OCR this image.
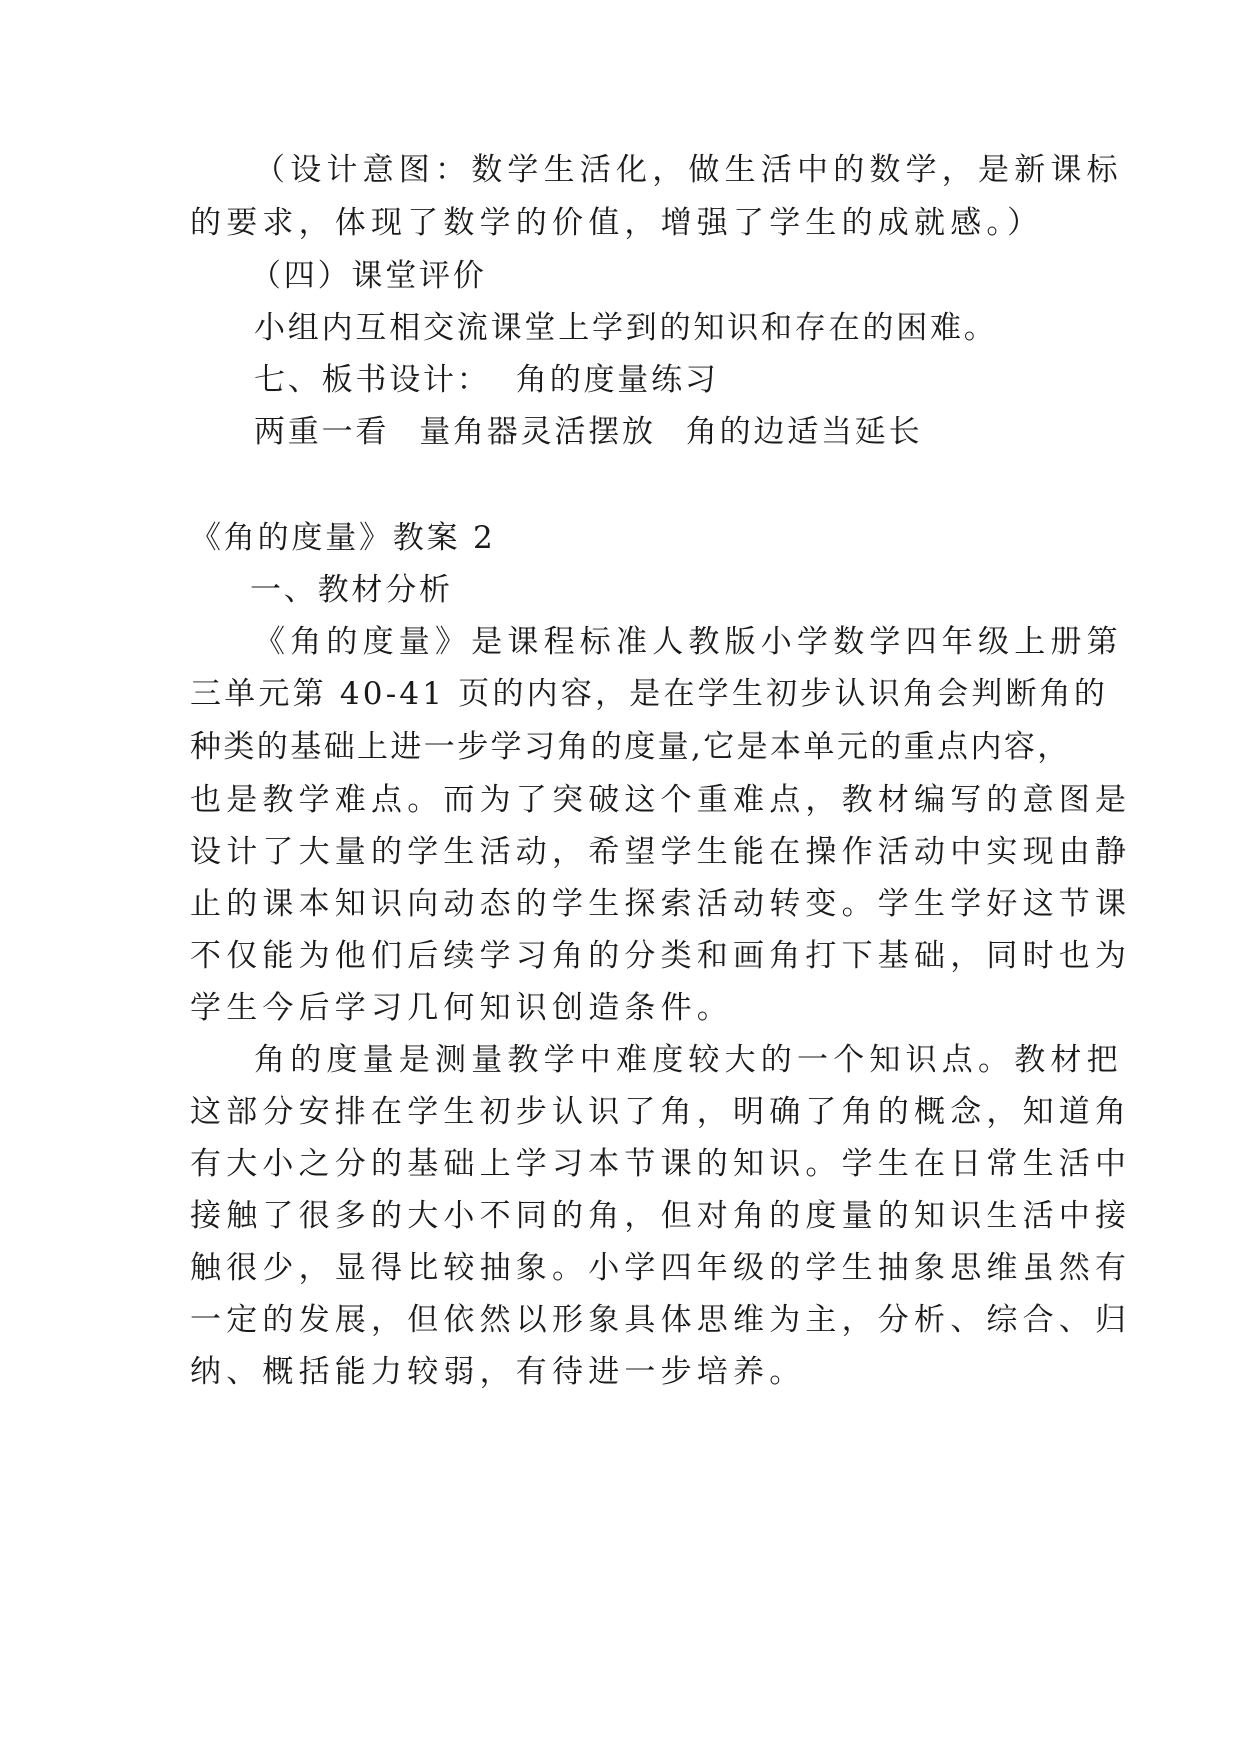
（设计意图：数学生活化，做生活中的数学，是新课标
的要求，体现了数学的价值，增强了学生的成就感。）
（四）课堂评价
小组内互相交流课堂上学到的知识和存在的困难。
七、板书设计：  角的度量练习
两重一看 量角器灵活摆放 角的边适当延长
《角的度量》教案 2
一、教材分析
《角的度量》是课程标准人教版小学数学四年级上册第
三单元第 40-41 页的内容，是在学生初步认识角会判断角的
种类的基础上进一步学习角的度量,它是本单元的重点内容，
也是教学难点。而为了突破这个重难点，教材编写的意图是
设计了大量的学生活动，希望学生能在操作活动中实现由静
止的课本知识向动态的学生探索活动转变。学生学好这节课
不仅能为他们后续学习角的分类和画角打下基础，同时也为
学生今后学习几何知识创造条件。
角的度量是测量教学中难度较大的一个知识点。教材把
这部分安排在学生初步认识了角，明确了角的概念，知道角
有大小之分的基础上学习本节课的知识。学生在日常生活中
接触了很多的大小不同的角，但对角的度量的知识生活中接
触很少，显得比较抽象。小学四年级的学生抽象思维虽然有
一定的发展，但依然以形象具体思维为主，分析、综合、归
纳、概括能力较弱，有待进一步培养。
